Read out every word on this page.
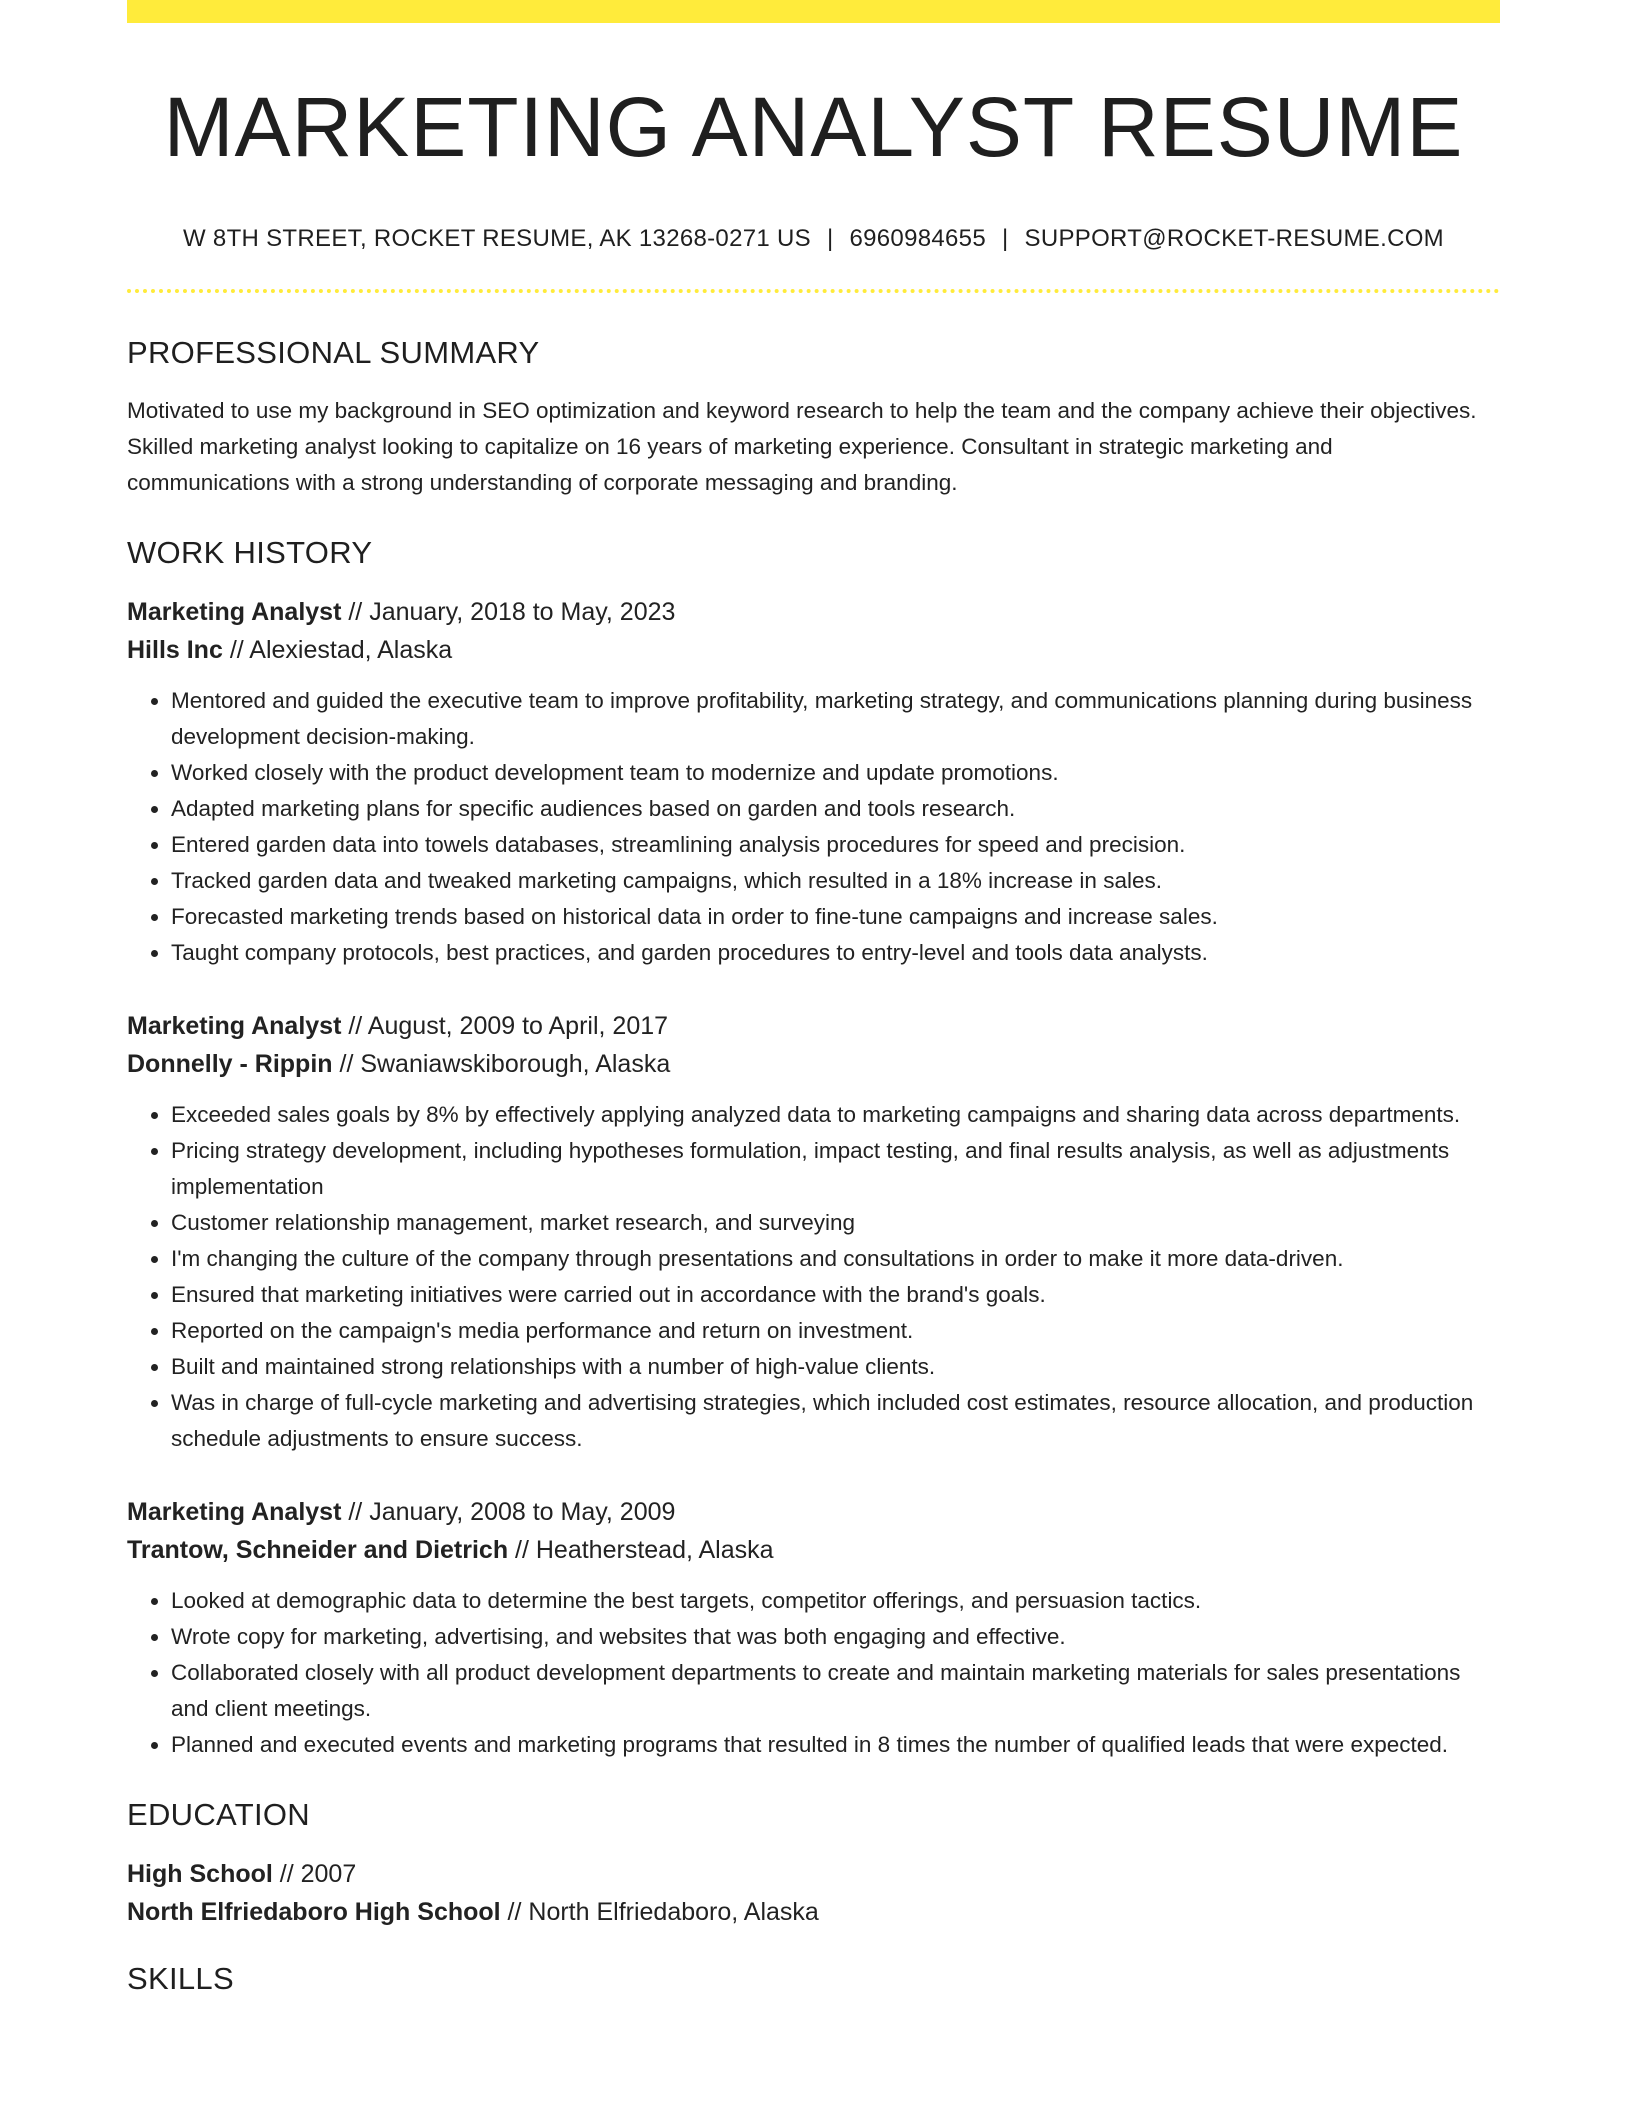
MARKETING ANALYST RESUME
W 8TH STREET, ROCKET RESUME, AK 13268-0271 US | 6960984655 | SUPPORT@ROCKET-RESUME.COM
PROFESSIONAL SUMMARY

Motivated to use my background in SEO optimization and keyword research to help the team and the company achieve their objectives. Skilled marketing analyst looking to capitalize on 16 years of marketing experience. Consultant in strategic marketing and communications with a strong understanding of corporate messaging and branding.

WORK HISTORY
Marketing Analyst // January, 2018 to May, 2023
Hills Inc // Alexiestad, Alaska
• Mentored and guided the executive team to improve profitability, marketing strategy, and communications planning during business development decision-making.
• Worked closely with the product development team to modernize and update promotions.
• Adapted marketing plans for specific audiences based on garden and tools research.
• Entered garden data into towels databases, streamlining analysis procedures for speed and precision.
• Tracked garden data and tweaked marketing campaigns, which resulted in a 18% increase in sales.
• Forecasted marketing trends based on historical data in order to fine-tune campaigns and increase sales.
• Taught company protocols, best practices, and garden procedures to entry-level and tools data analysts.
Marketing Analyst // August, 2009 to April, 2017
Donnelly - Rippin // Swaniawskiborough, Alaska
• Exceeded sales goals by 8% by effectively applying analyzed data to marketing campaigns and sharing data across departments.
• Pricing strategy development, including hypotheses formulation, impact testing, and final results analysis, as well as adjustments implementation
• Customer relationship management, market research, and surveying
• I'm changing the culture of the company through presentations and consultations in order to make it more data-driven.
• Ensured that marketing initiatives were carried out in accordance with the brand's goals.
• Reported on the campaign's media performance and return on investment.
• Built and maintained strong relationships with a number of high-value clients.
• Was in charge of full-cycle marketing and advertising strategies, which included cost estimates, resource allocation, and production schedule adjustments to ensure success.
Marketing Analyst // January, 2008 to May, 2009
Trantow, Schneider and Dietrich // Heatherstead, Alaska
• Looked at demographic data to determine the best targets, competitor offerings, and persuasion tactics.
• Wrote copy for marketing, advertising, and websites that was both engaging and effective.
• Collaborated closely with all product development departments to create and maintain marketing materials for sales presentations and client meetings.
• Planned and executed events and marketing programs that resulted in 8 times the number of qualified leads that were expected.
EDUCATION
High School // 2007
North Elfriedaboro High School // North Elfriedaboro, Alaska
SKILLS
